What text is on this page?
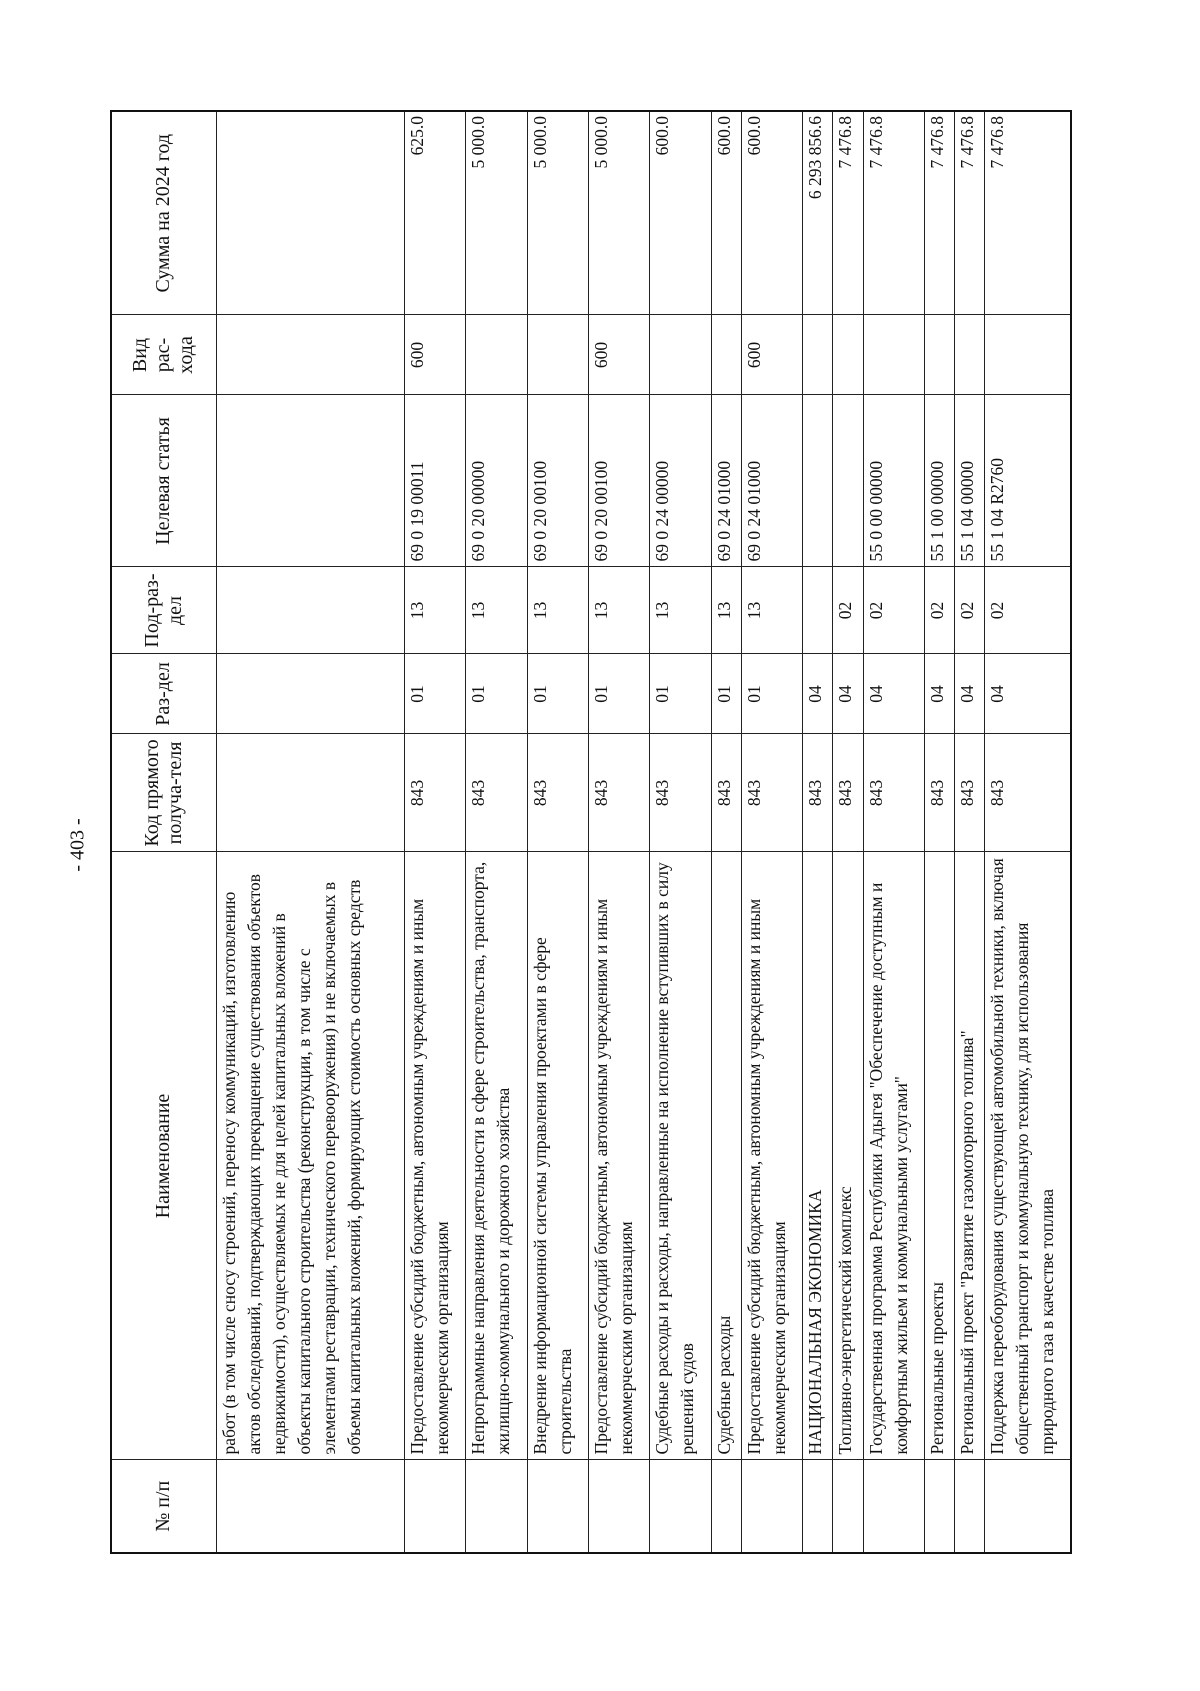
- 403 -
№ п/п	Наименование	Код прямого получа-теля	Раз-дел	Под-раз-дел	Целевая статья	Вид рас-хода	Сумма на 2024 год
	работ (в том числе сносу строений, переносу коммуникаций, изготовлению актов обследований, подтверждающих прекращение существования объектов недвижимости), осуществляемых не для целей капитальных вложений в объекты капитального строительства (реконструкции, в том числе с элементами реставрации, технического перевооружения) и не включаемых в объемы капитальных вложений, формирующих стоимость основных средств						
	Предоставление субсидий бюджетным, автономным учреждениям и иным некоммерческим организациям	843	01	13	69 0 19 00011	600	625.0
	Непрограммные направления деятельности в сфере строительства, транспорта, жилищно-коммунального и дорожного хозяйства	843	01	13	69 0 20 00000		5 000.0
	Внедрение информационной системы управления проектами в сфере строительства	843	01	13	69 0 20 00100		5 000.0
	Предоставление субсидий бюджетным, автономным учреждениям и иным некоммерческим организациям	843	01	13	69 0 20 00100	600	5 000.0
	Судебные расходы и расходы, направленные на исполнение вступивших в силу решений судов	843	01	13	69 0 24 00000		600.0
	Судебные расходы	843	01	13	69 0 24 01000		600.0
	Предоставление субсидий бюджетным, автономным учреждениям и иным некоммерческим организациям	843	01	13	69 0 24 01000	600	600.0
	НАЦИОНАЛЬНАЯ ЭКОНОМИКА	843	04				6 293 856.6
	Топливно-энергетический комплекс	843	04	02			7 476.8
	Государственная программа Республики Адыгея "Обеспечение доступным и комфортным жильем и коммунальными услугами"	843	04	02	55 0 00 00000		7 476.8
	Региональные проекты	843	04	02	55 1 00 00000		7 476.8
	Региональный проект "Развитие газомоторного топлива"	843	04	02	55 1 04 00000		7 476.8
	Поддержка переоборудования существующей автомобильной техники, включая общественный транспорт и коммунальную технику, для использования природного газа в качестве топлива	843	04	02	55 1 04 R2760		7 476.8
